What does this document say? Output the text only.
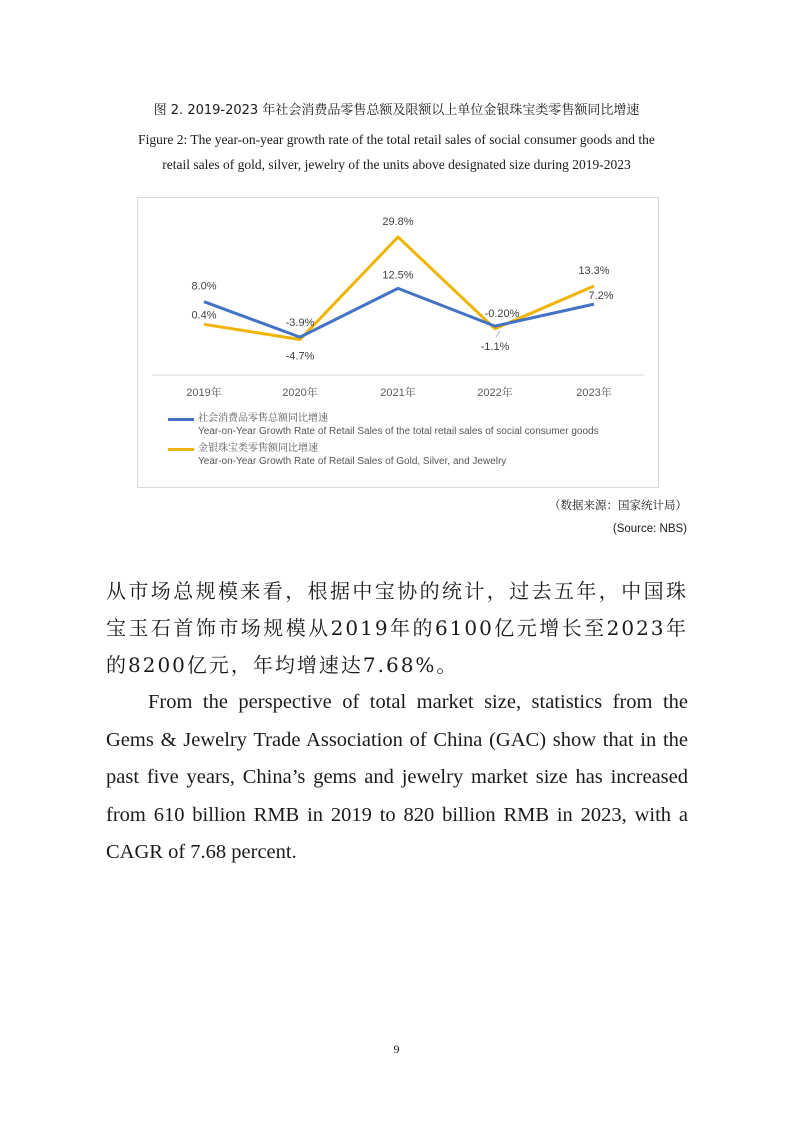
图 2. 2019-2023 年社会消费品零售总额及限额以上单位金银珠宝类零售额同比增速
Figure 2: The year-on-year growth rate of the total retail sales of social consumer goods and the
retail sales of gold, silver, jewelry of the units above designated size during 2019-2023
2019年	2020年	2021年	2022年	2023年
8.0%
-3.9%
12.5%
-0.20%
7.2%
0.4%
-4.7%
29.8%
-1.1%
13.3%
社会消费品零售总额同比增速
Year-on-Year Growth Rate of Retail Sales of the total retail sales of social consumer goods
金银珠宝类零售额同比增速
Year-on-Year Growth Rate of Retail Sales of Gold, Silver, and Jewelry
（数据来源：国家统计局）
(Source: NBS)
从市场总规模来看，根据中宝协的统计，过去五年，中国珠宝玉石首饰市场规模从2019年的6100亿元增长至2023年的8200亿元，年均增速达7.68%。
From the perspective of total market size, statistics from the Gems & Jewelry Trade Association of China (GAC) show that in the past five years, China’s gems and jewelry market size has increased from 610 billion RMB in 2019 to 820 billion RMB in 2023, with a CAGR of 7.68 percent.
9
